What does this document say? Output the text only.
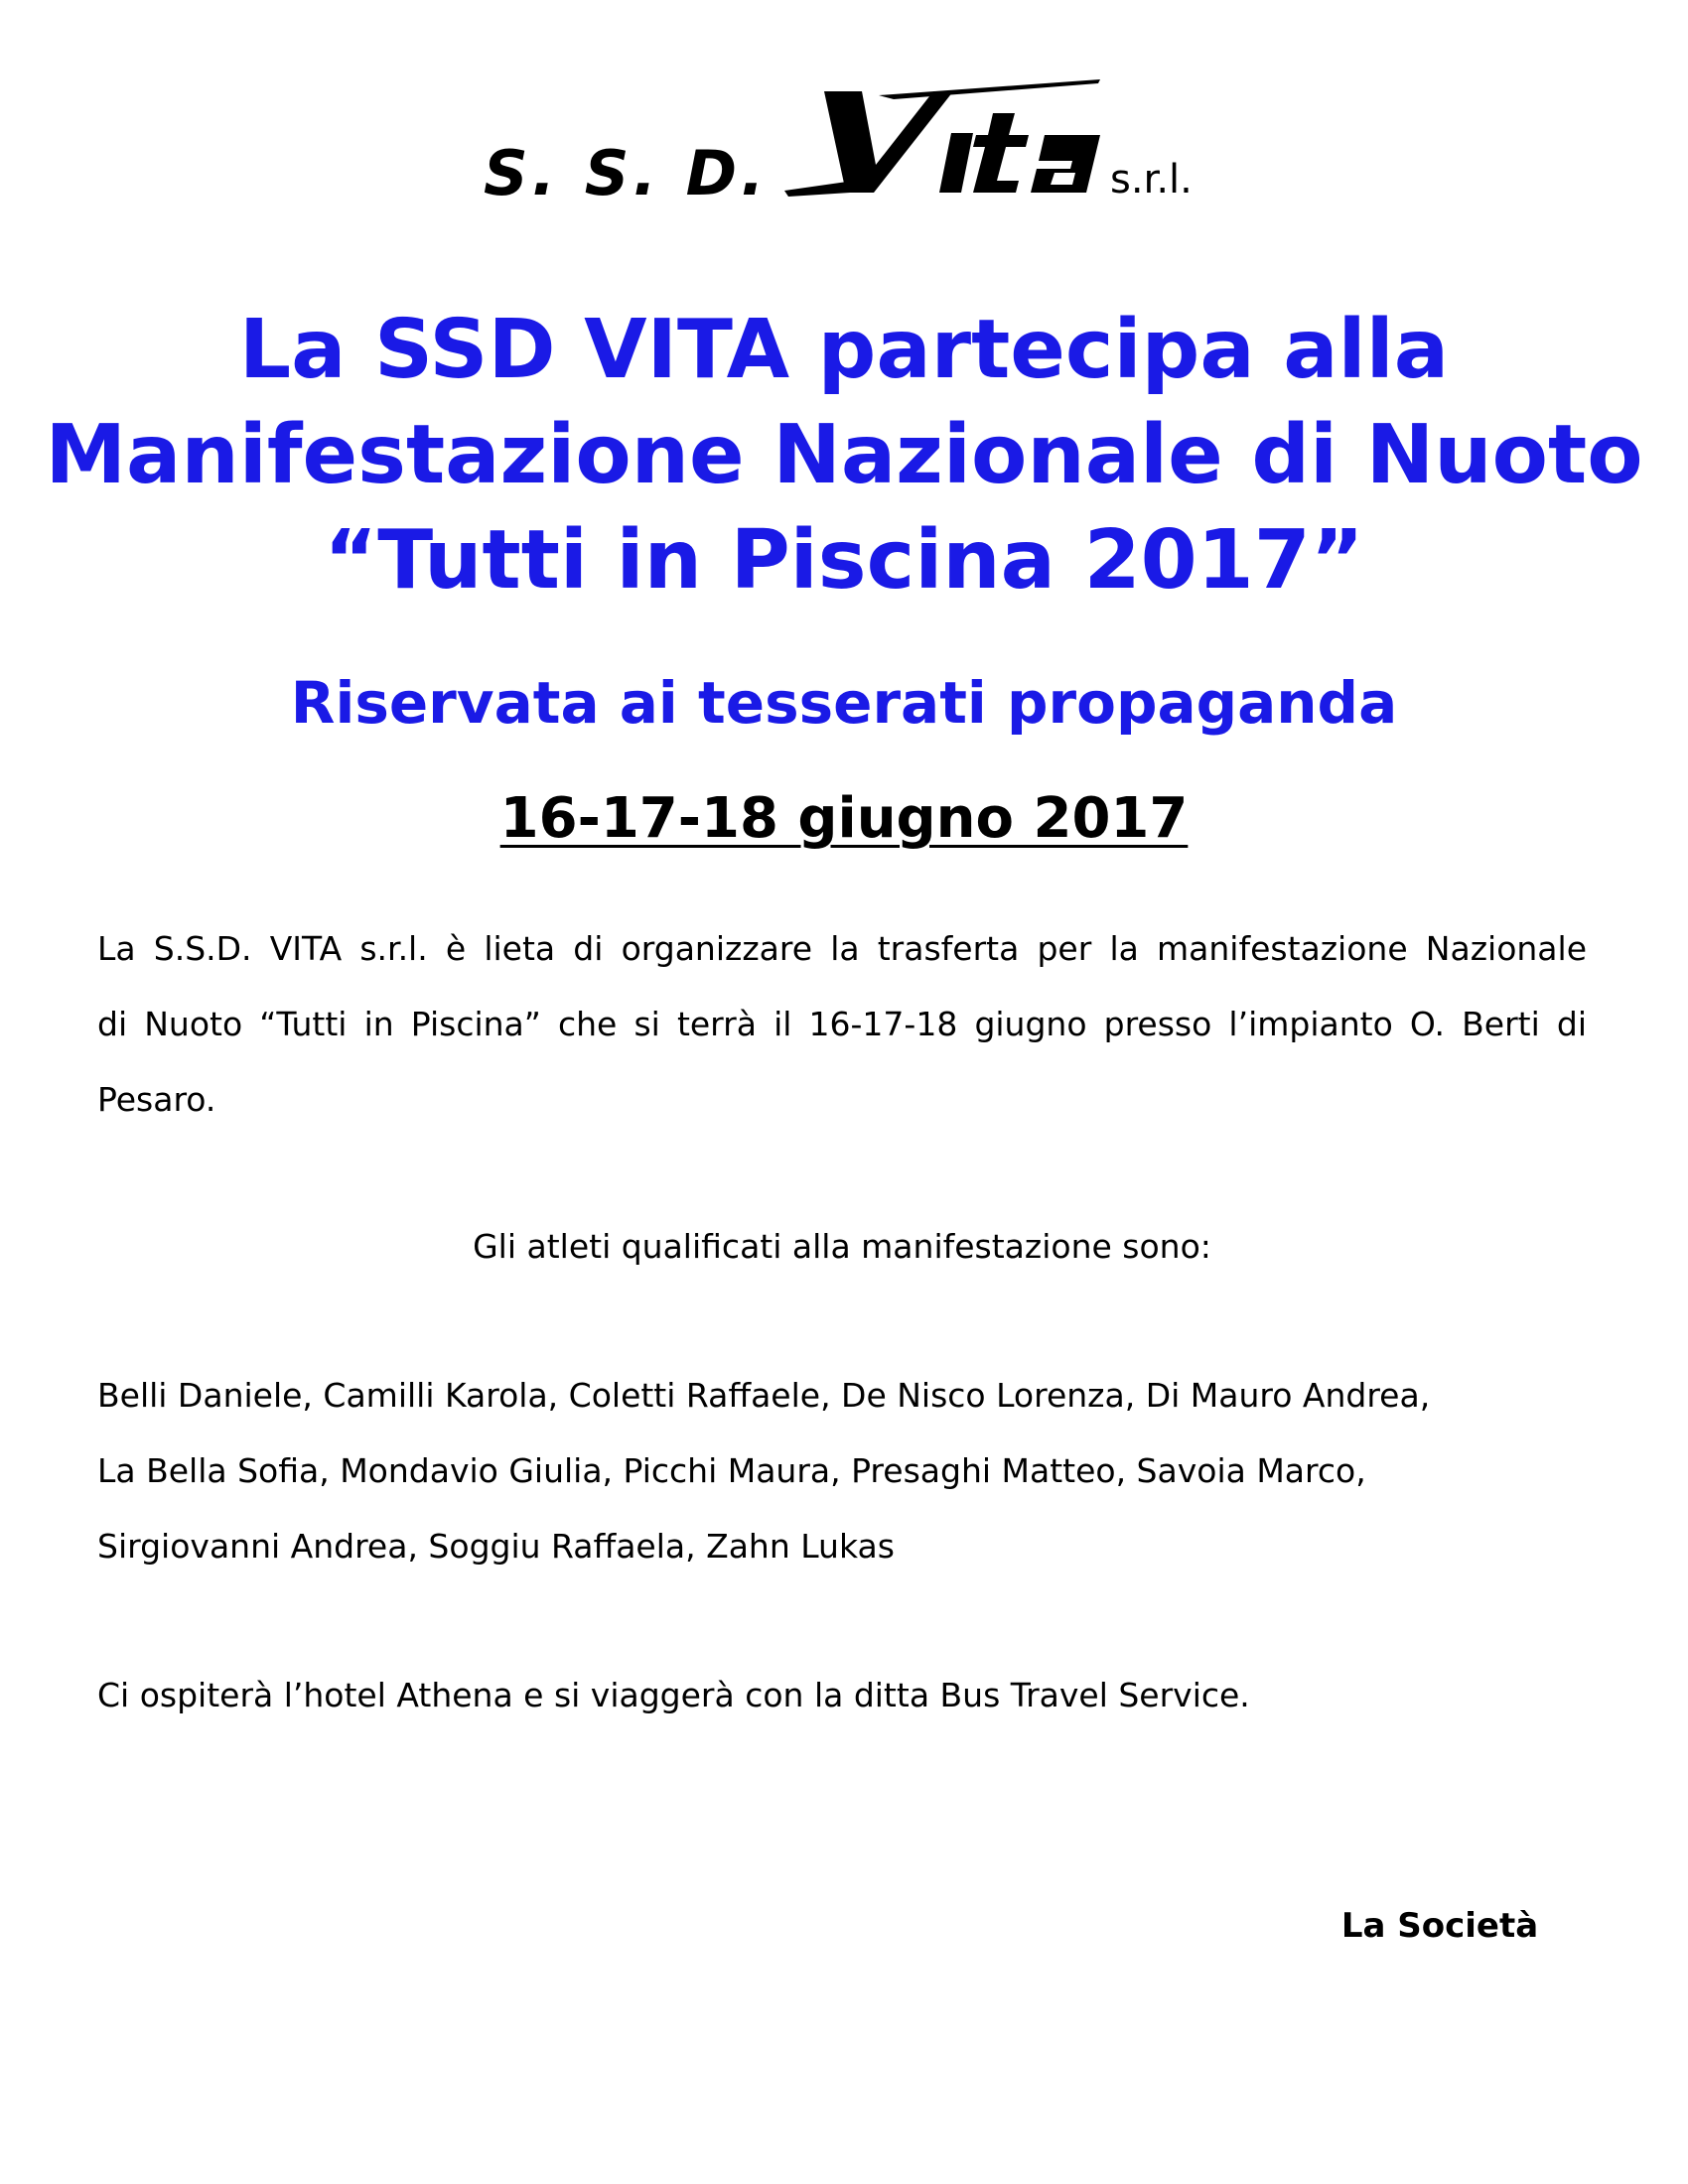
S. S. D.	s.r.l.
La SSD VITA partecipa alla
Manifestazione Nazionale di Nuoto
“Tutti in Piscina 2017”
Riservata ai tesserati propaganda
16-17-18 giugno 2017
La S.S.D. VITA s.r.l. è lieta di organizzare la trasferta per la manifestazione Nazionale
di Nuoto “Tutti in Piscina” che si terrà il 16-17-18 giugno presso l’impianto O. Berti di
Pesaro.
Gli atleti qualificati alla manifestazione sono:
Belli Daniele, Camilli Karola, Coletti Raffaele, De Nisco Lorenza, Di Mauro Andrea,
La Bella Sofia, Mondavio Giulia, Picchi Maura, Presaghi Matteo, Savoia Marco,
Sirgiovanni Andrea, Soggiu Raffaela, Zahn Lukas
Ci ospiterà l’hotel Athena e si viaggerà con la ditta Bus Travel Service.
La Società
